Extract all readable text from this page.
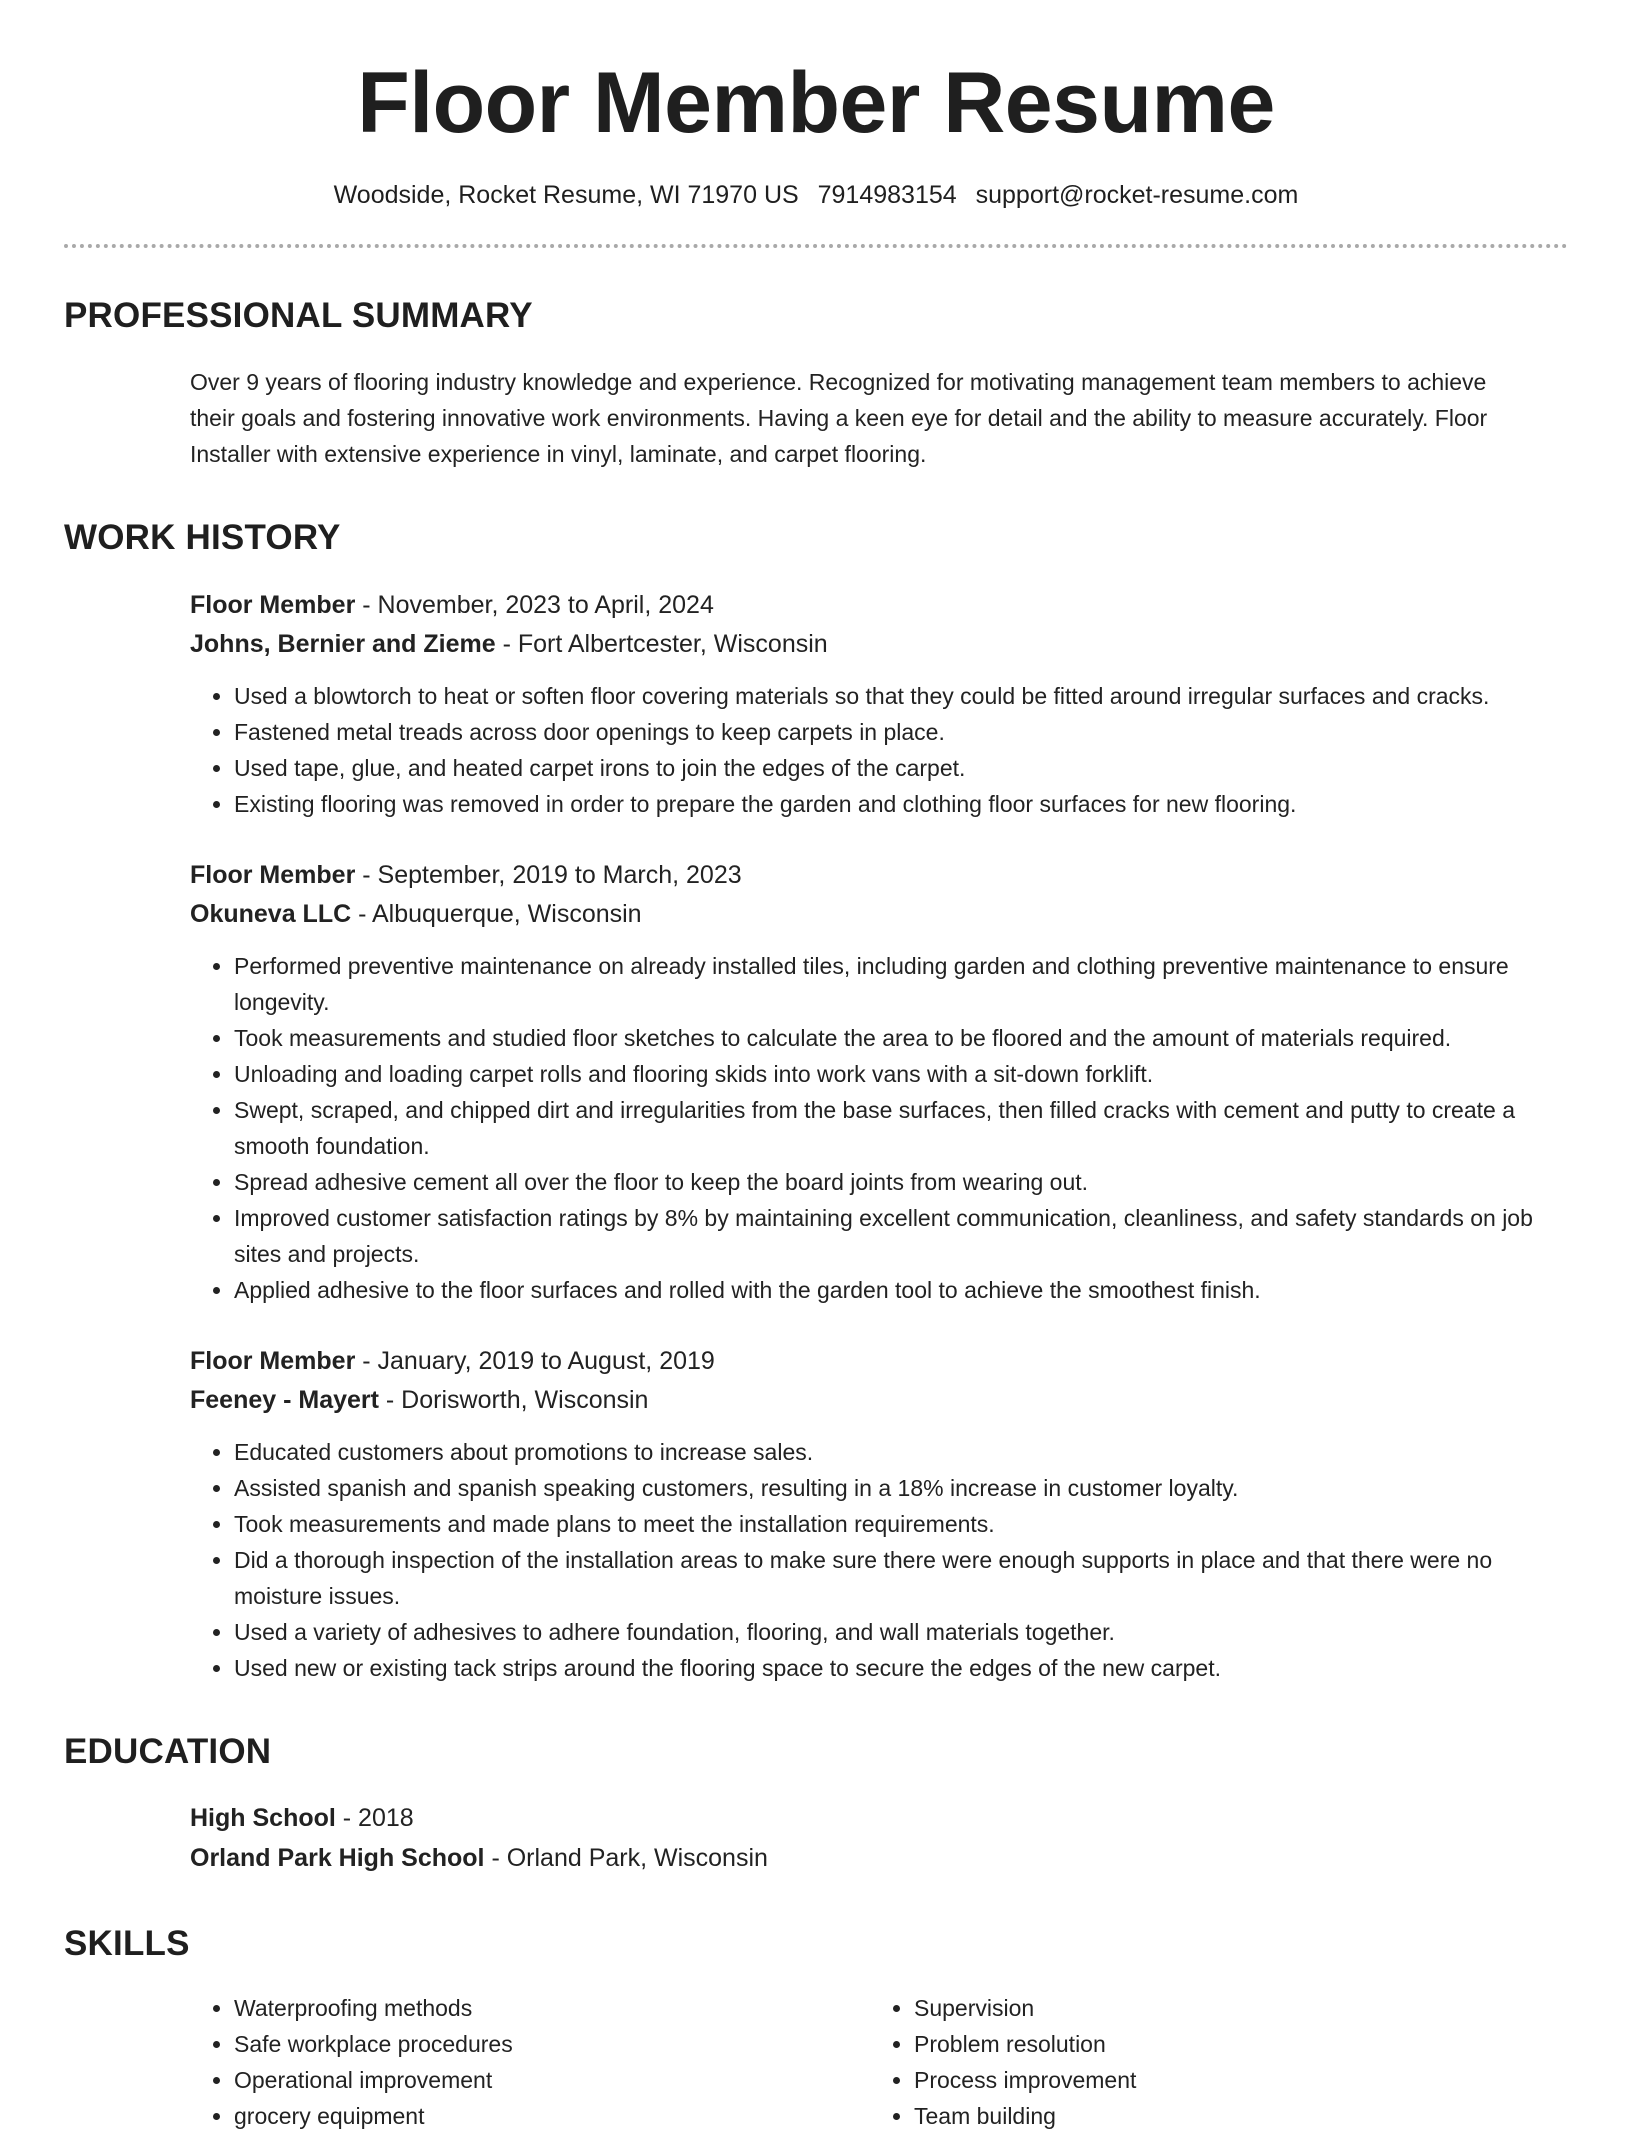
Floor Member Resume
Woodside, Rocket Resume, WI 71970 US 7914983154 support@rocket-resume.com
PROFESSIONAL SUMMARY

Over 9 years of flooring industry knowledge and experience. Recognized for motivating management team members to achieve their goals and fostering innovative work environments. Having a keen eye for detail and the ability to measure accurately. Floor Installer with extensive experience in vinyl, laminate, and carpet flooring.

WORK HISTORY
Floor Member - November, 2023 to April, 2024
Johns, Bernier and Zieme - Fort Albertcester, Wisconsin
• Used a blowtorch to heat or soften floor covering materials so that they could be fitted around irregular surfaces and cracks.
• Fastened metal treads across door openings to keep carpets in place.
• Used tape, glue, and heated carpet irons to join the edges of the carpet.
• Existing flooring was removed in order to prepare the garden and clothing floor surfaces for new flooring.
Floor Member - September, 2019 to March, 2023
Okuneva LLC - Albuquerque, Wisconsin
• Performed preventive maintenance on already installed tiles, including garden and clothing preventive maintenance to ensure longevity.
• Took measurements and studied floor sketches to calculate the area to be floored and the amount of materials required.
• Unloading and loading carpet rolls and flooring skids into work vans with a sit-down forklift.
• Swept, scraped, and chipped dirt and irregularities from the base surfaces, then filled cracks with cement and putty to create a smooth foundation.
• Spread adhesive cement all over the floor to keep the board joints from wearing out.
• Improved customer satisfaction ratings by 8% by maintaining excellent communication, cleanliness, and safety standards on job sites and projects.
• Applied adhesive to the floor surfaces and rolled with the garden tool to achieve the smoothest finish.
Floor Member - January, 2019 to August, 2019
Feeney - Mayert - Dorisworth, Wisconsin
• Educated customers about promotions to increase sales.
• Assisted spanish and spanish speaking customers, resulting in a 18% increase in customer loyalty.
• Took measurements and made plans to meet the installation requirements.
• Did a thorough inspection of the installation areas to make sure there were enough supports in place and that there were no moisture issues.
• Used a variety of adhesives to adhere foundation, flooring, and wall materials together.
• Used new or existing tack strips around the flooring space to secure the edges of the new carpet.
EDUCATION
High School - 2018
Orland Park High School - Orland Park, Wisconsin
SKILLS
• Waterproofing methods
• Safe workplace procedures
• Operational improvement
• grocery equipment
• Supervision
• Problem resolution
• Process improvement
• Team building
